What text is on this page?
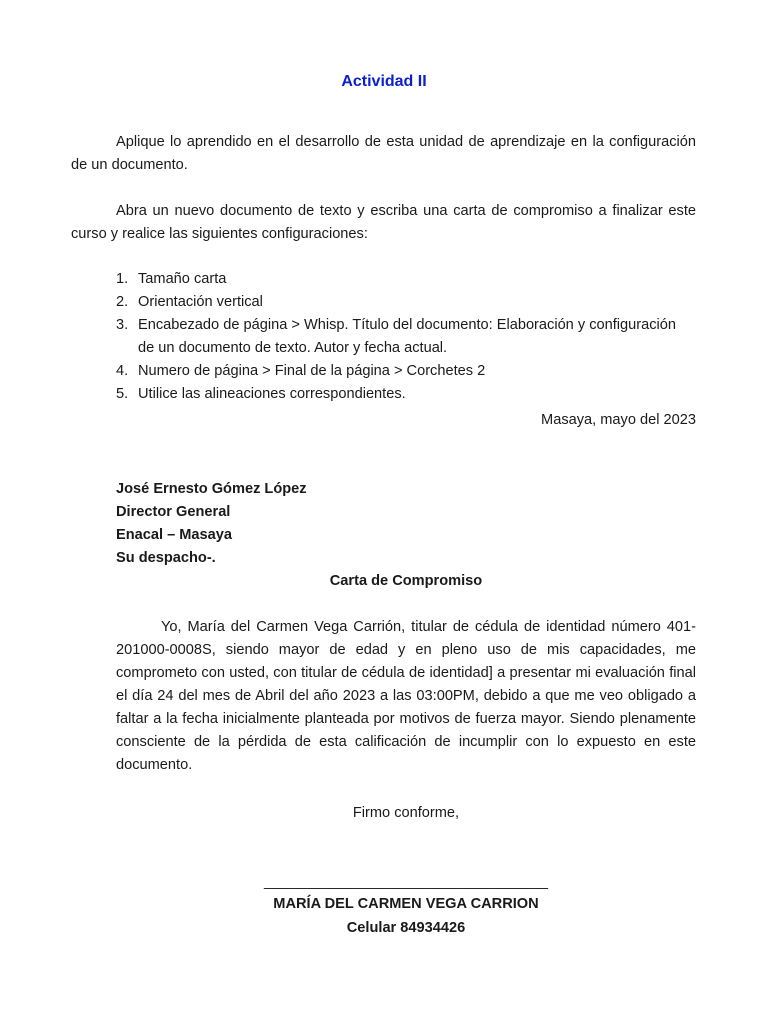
Actividad II

Aplique lo aprendido en el desarrollo de esta unidad de aprendizaje en la configuración de un documento.

Abra un nuevo documento de texto y escriba una carta de compromiso a finalizar este curso y realice las siguientes configuraciones:

1. Tamaño carta
2. Orientación vertical
3. Encabezado de página > Whisp. Título del documento: Elaboración y configuración de un documento de texto. Autor y fecha actual.
4. Numero de página > Final de la página > Corchetes 2
5. Utilice las alineaciones correspondientes.
Masaya, mayo del 2023
José Ernesto Gómez López
Director General
Enacal – Masaya
Su despacho-.
Carta de Compromiso

Yo, María del Carmen Vega Carrión, titular de cédula de identidad número 401-201000-0008S, siendo mayor de edad y en pleno uso de mis capacidades, me comprometo con usted, con titular de cédula de identidad] a presentar mi evaluación final el día 24 del mes de Abril del año 2023 a las 03:00PM, debido a que me veo obligado a faltar a la fecha inicialmente planteada por motivos de fuerza mayor. Siendo plenamente consciente de la pérdida de esta calificación de incumplir con lo expuesto en este documento.

Firmo conforme,
___________________________________
MARÍA DEL CARMEN VEGA CARRION
Celular 84934426
